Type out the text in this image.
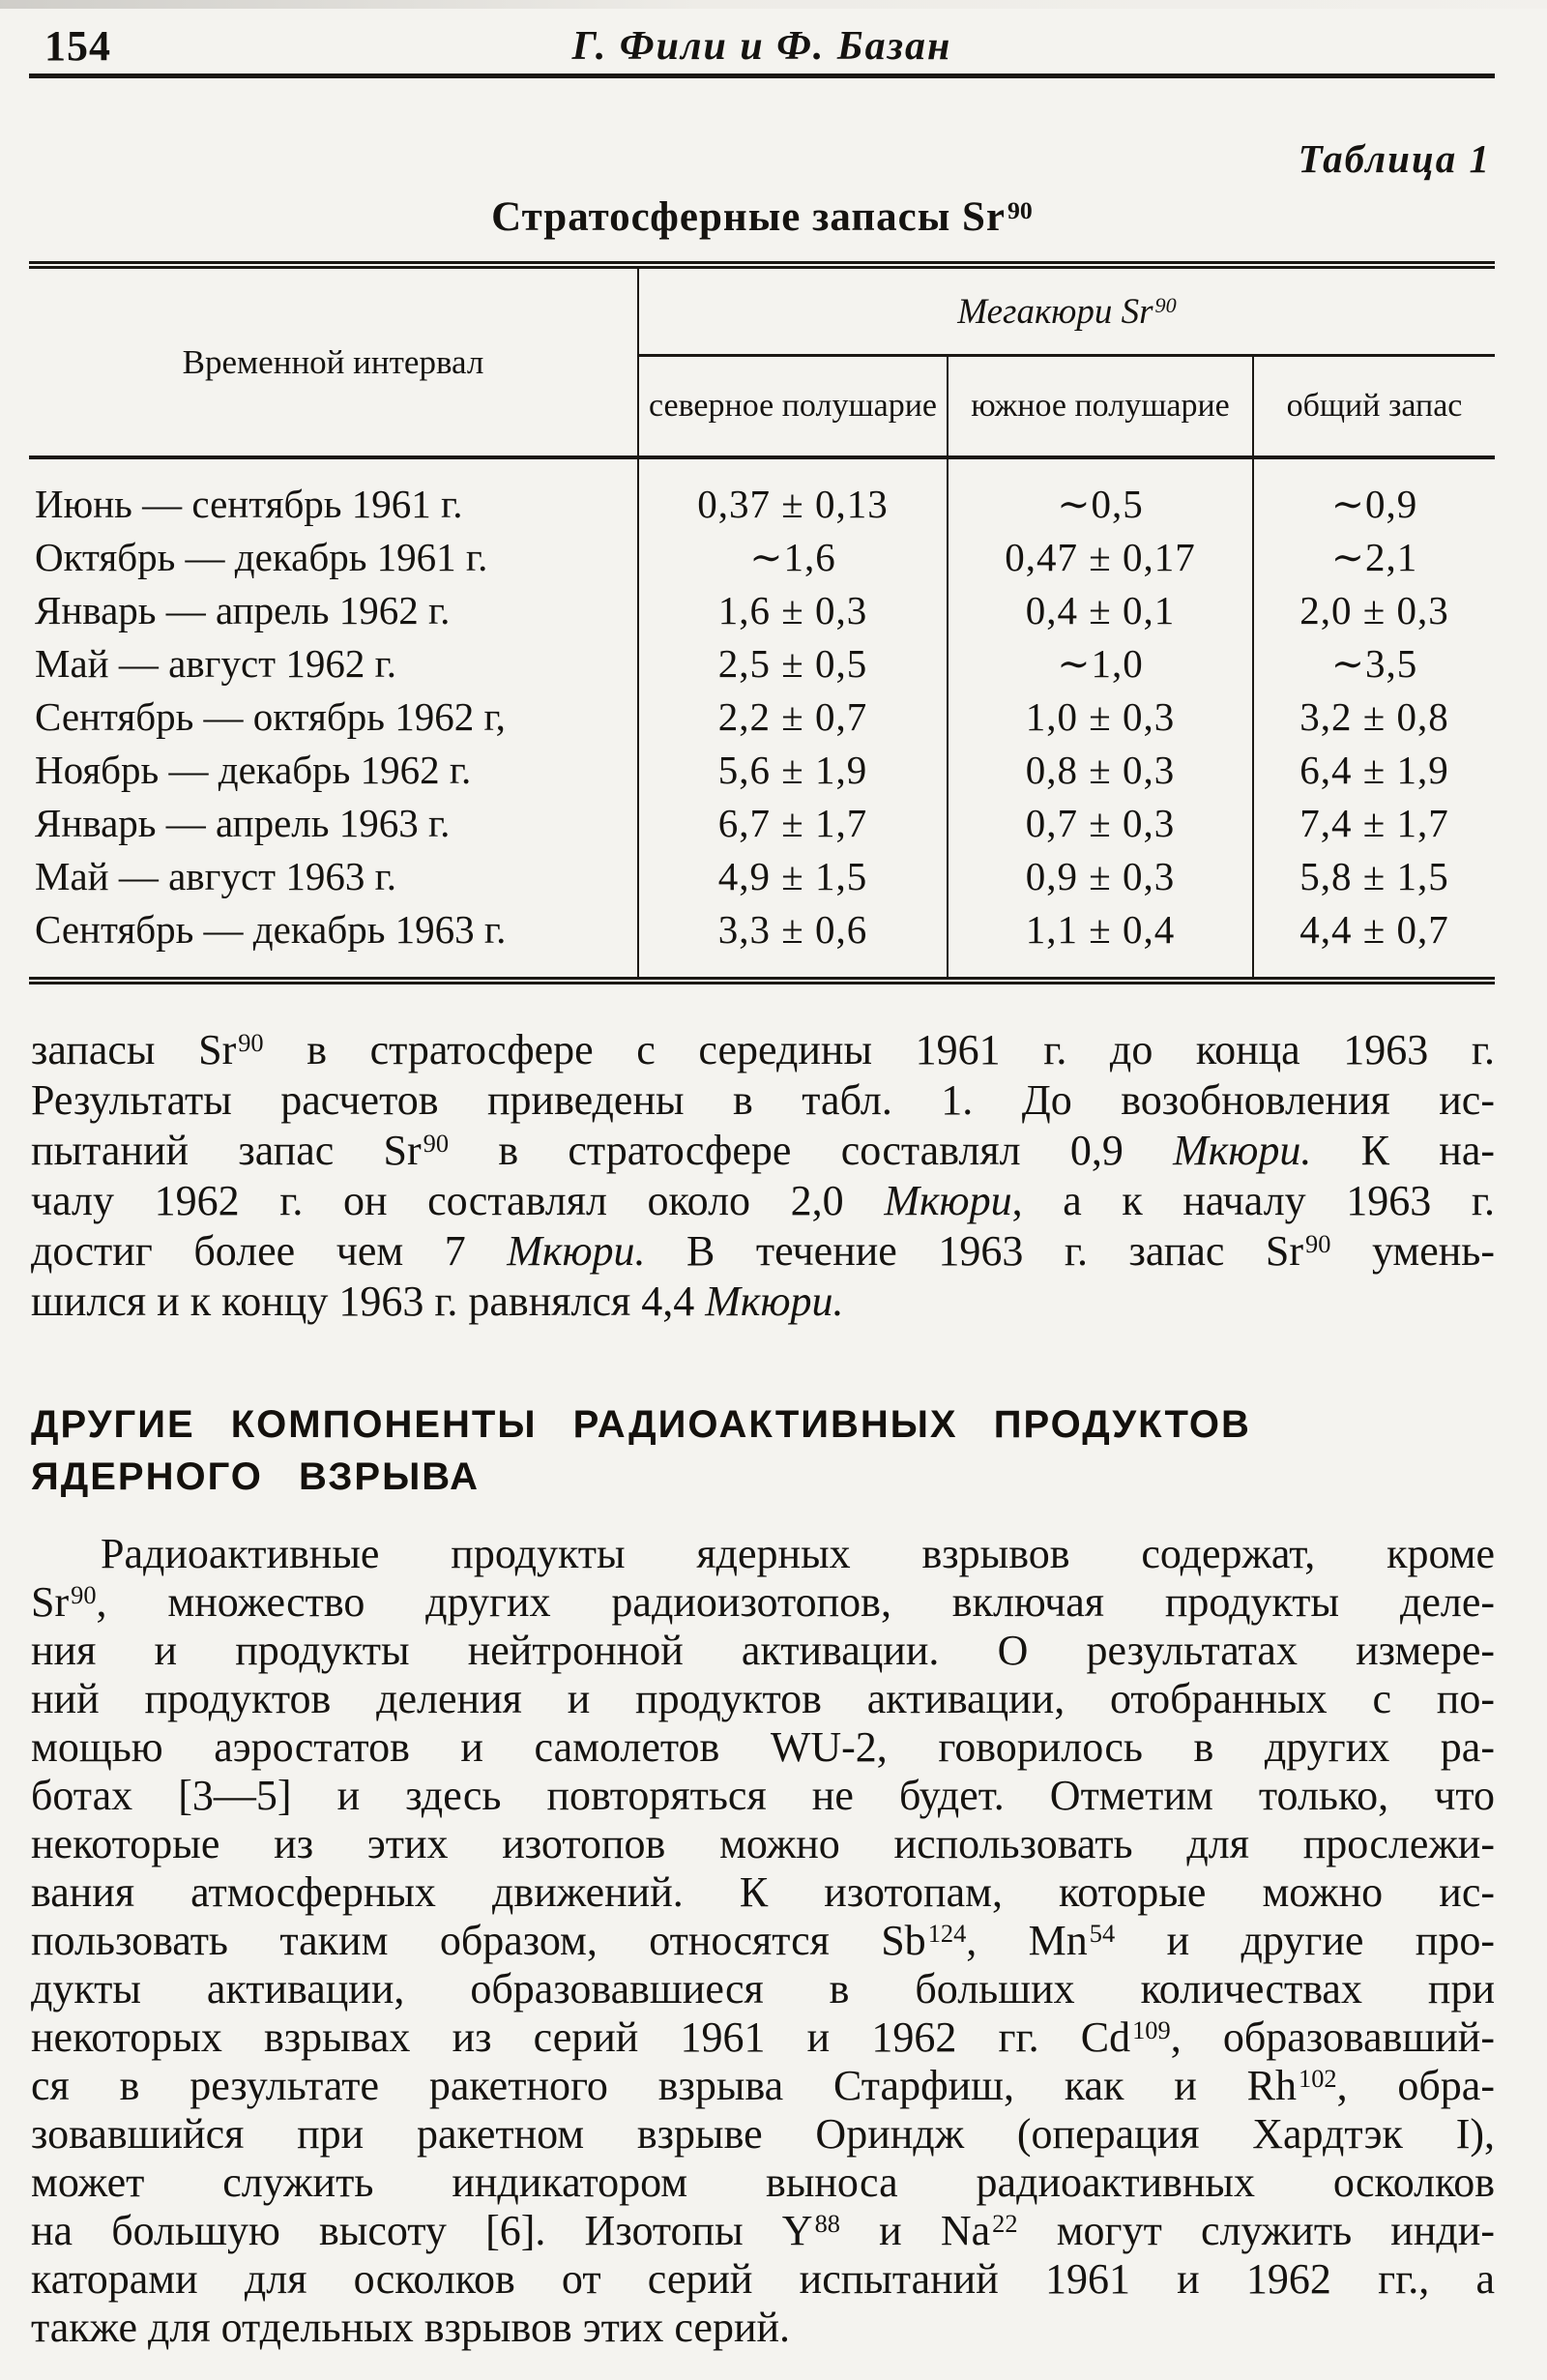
154	Г. Фили и Ф. Базан
Таблица 1
Стратосферные запасы Sr$^{90}$
Временной интервал	Мегакюри Sr$^{90}$
	северное полушарие	южное полушарие	общий запас
Июнь — сентябрь 1961 г.	0,37 ± 0,13	∼0,5	∼0,9
Октябрь — декабрь 1961 г.	∼1,6	0,47 ± 0,17	∼2,1
Январь — апрель 1962 г.	1,6 ± 0,3	0,4 ± 0,1	2,0 ± 0,3
Май — август 1962 г.	2,5 ± 0,5	∼1,0	∼3,5
Сентябрь — октябрь 1962 г,	2,2 ± 0,7	1,0 ± 0,3	3,2 ± 0,8
Ноябрь — декабрь 1962 г.	5,6 ± 1,9	0,8 ± 0,3	6,4 ± 1,9
Январь — апрель 1963 г.	6,7 ± 1,7	0,7 ± 0,3	7,4 ± 1,7
Май — август 1963 г.	4,9 ± 1,5	0,9 ± 0,3	5,8 ± 1,5
Сентябрь — декабрь 1963 г.	3,3 ± 0,6	1,1 ± 0,4	4,4 ± 0,7
запасы Sr$^{90}$ в стратосфере с середины 1961 г. до конца 1963 г.
Результаты расчетов приведены в табл. 1. До возобновления ис-
пытаний запас Sr$^{90}$ в стратосфере составлял 0,9 Мкюри. К на-
чалу 1962 г. он составлял около 2,0 Мкюри, а к началу 1963 г.
достиг более чем 7 Мкюри. В течение 1963 г. запас Sr$^{90}$ умень-
шился и к концу 1963 г. равнялся 4,4 Мкюри.
ДРУГИЕ КОМПОНЕНТЫ РАДИОАКТИВНЫХ ПРОДУКТОВ
ЯДЕРНОГО ВЗРЫВА
Радиоактивные продукты ядерных взрывов содержат, кроме
Sr$^{90}$, множество других радиоизотопов, включая продукты деле-
ния и продукты нейтронной активации. О результатах измере-
ний продуктов деления и продуктов активации, отобранных с по-
мощью аэростатов и самолетов WU-2, говорилось в других ра-
ботах [3—5] и здесь повторяться не будет. Отметим только, что
некоторые из этих изотопов можно использовать для прослежи-
вания атмосферных движений. К изотопам, которые можно ис-
пользовать таким образом, относятся Sb$^{124}$, Mn$^{54}$ и другие про-
дукты активации, образовавшиеся в больших количествах при
некоторых взрывах из серий 1961 и 1962 гг. Cd$^{109}$, образовавший-
ся в результате ракетного взрыва Старфиш, как и Rh$^{102}$, обра-
зовавшийся при ракетном взрыве Ориндж (операция Хардтэк I),
может служить индикатором выноса радиоактивных осколков
на большую высоту [6]. Изотопы $Y^{88}$ и Na$^{22}$ могут служить инди-
каторами для осколков от серий испытаний 1961 и 1962 гг., а
также для отдельных взрывов этих серий.
